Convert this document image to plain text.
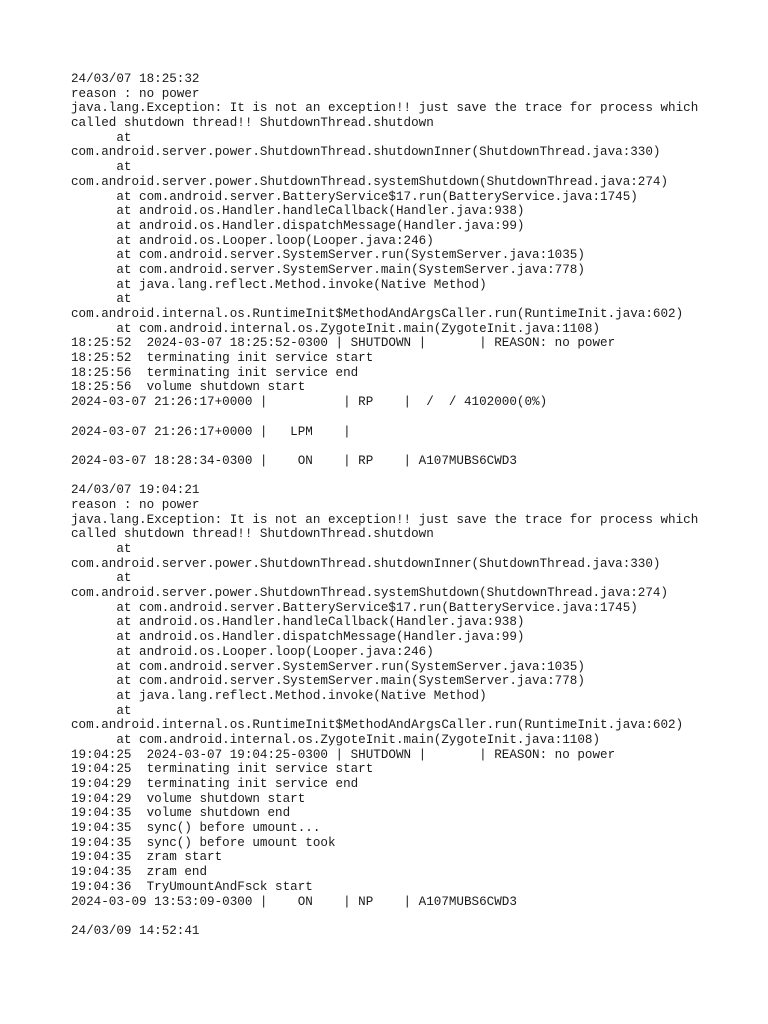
24/03/07 18:25:32
reason : no power
java.lang.Exception: It is not an exception!! just save the trace for process which
called shutdown thread!! ShutdownThread.shutdown
at
com.android.server.power.ShutdownThread.shutdownInner(ShutdownThread.java:330)
at
com.android.server.power.ShutdownThread.systemShutdown(ShutdownThread.java:274)
at com.android.server.BatteryService$17.run(BatteryService.java:1745)
at android.os.Handler.handleCallback(Handler.java:938)
at android.os.Handler.dispatchMessage(Handler.java:99)
at android.os.Looper.loop(Looper.java:246)
at com.android.server.SystemServer.run(SystemServer.java:1035)
at com.android.server.SystemServer.main(SystemServer.java:778)
at java.lang.reflect.Method.invoke(Native Method)
at
com.android.internal.os.RuntimeInit$MethodAndArgsCaller.run(RuntimeInit.java:602)
at com.android.internal.os.ZygoteInit.main(ZygoteInit.java:1108)
18:25:52  2024-03-07 18:25:52-0300 | SHUTDOWN |       | REASON: no power
18:25:52  terminating init service start
18:25:56  terminating init service end
18:25:56  volume shutdown start
2024-03-07 21:26:17+0000 |          | RP    |  /  / 4102000(0%)
2024-03-07 21:26:17+0000 |   LPM    |
2024-03-07 18:28:34-0300 |    ON    | RP    | A107MUBS6CWD3
24/03/07 19:04:21
reason : no power
java.lang.Exception: It is not an exception!! just save the trace for process which
called shutdown thread!! ShutdownThread.shutdown
at
com.android.server.power.ShutdownThread.shutdownInner(ShutdownThread.java:330)
at
com.android.server.power.ShutdownThread.systemShutdown(ShutdownThread.java:274)
at com.android.server.BatteryService$17.run(BatteryService.java:1745)
at android.os.Handler.handleCallback(Handler.java:938)
at android.os.Handler.dispatchMessage(Handler.java:99)
at android.os.Looper.loop(Looper.java:246)
at com.android.server.SystemServer.run(SystemServer.java:1035)
at com.android.server.SystemServer.main(SystemServer.java:778)
at java.lang.reflect.Method.invoke(Native Method)
at
com.android.internal.os.RuntimeInit$MethodAndArgsCaller.run(RuntimeInit.java:602)
at com.android.internal.os.ZygoteInit.main(ZygoteInit.java:1108)
19:04:25  2024-03-07 19:04:25-0300 | SHUTDOWN |       | REASON: no power
19:04:25  terminating init service start
19:04:29  terminating init service end
19:04:29  volume shutdown start
19:04:35  volume shutdown end
19:04:35  sync() before umount...
19:04:35  sync() before umount took
19:04:35  zram start
19:04:35  zram end
19:04:36  TryUmountAndFsck start
2024-03-09 13:53:09-0300 |    ON    | NP    | A107MUBS6CWD3
24/03/09 14:52:41
